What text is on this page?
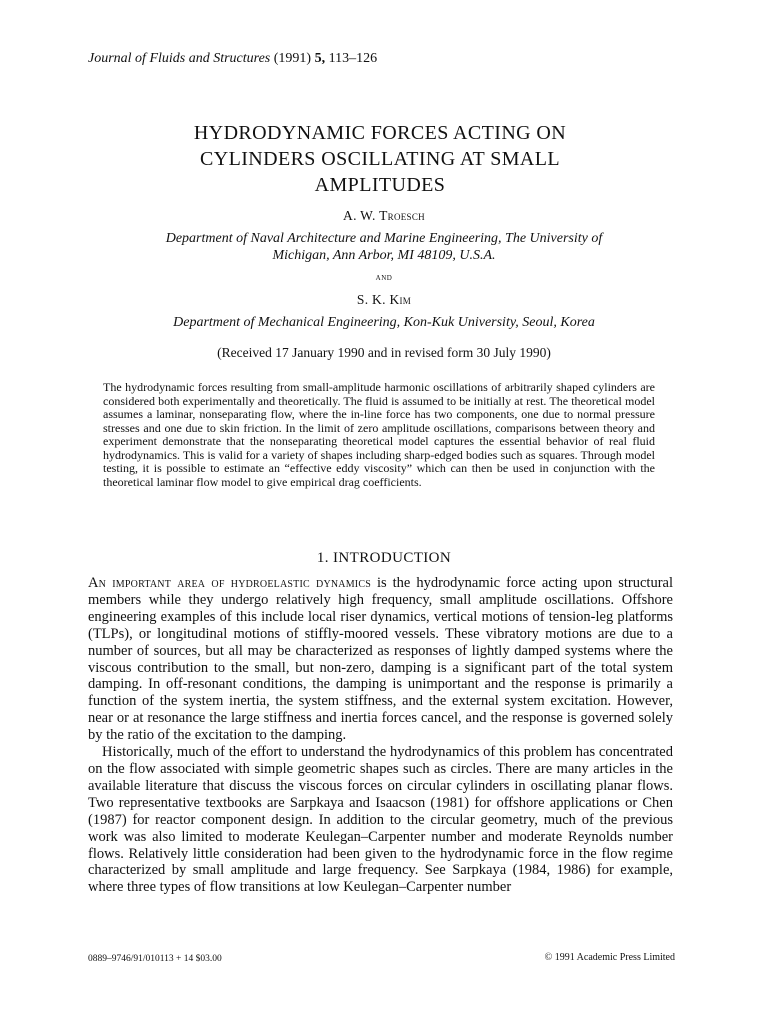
Journal of Fluids and Structures (1991) 5, 113–126
HYDRODYNAMIC FORCES ACTING ON
CYLINDERS OSCILLATING AT SMALL
AMPLITUDES
A. W. Troesch
Department of Naval Architecture and Marine Engineering, The University of
Michigan, Ann Arbor, MI 48109, U.S.A.
and
S. K. Kim
Department of Mechanical Engineering, Kon-Kuk University, Seoul, Korea
(Received 17 January 1990 and in revised form 30 July 1990)
The hydrodynamic forces resulting from small-amplitude harmonic oscillations of arbitrarily shaped cylinders are considered both experimentally and theoretically. The fluid is assumed to be initially at rest. The theoretical model assumes a laminar, nonseparating flow, where the in-line force has two components, one due to normal pressure stresses and one due to skin friction. In the limit of zero amplitude oscillations, comparisons between theory and experiment demonstrate that the nonseparating theoretical model captures the essential behavior of real fluid hydrodynamics. This is valid for a variety of shapes including sharp-edged bodies such as squares. Through model testing, it is possible to estimate an “effective eddy viscosity” which can then be used in conjunction with the theoretical laminar flow model to give empirical drag coefficients.
1. INTRODUCTION

An important area of hydroelastic dynamics is the hydrodynamic force acting upon structural members while they undergo relatively high frequency, small amplitude oscillations. Offshore engineering examples of this include local riser dynamics, vertical motions of tension-leg platforms (TLPs), or longitudinal motions of stiffly-moored vessels. These vibratory motions are due to a number of sources, but all may be characterized as responses of lightly damped systems where the viscous contribution to the small, but non-zero, damping is a significant part of the total system damping. In off-resonant conditions, the damping is unimportant and the response is primarily a function of the system inertia, the system stiffness, and the external system excitation. However, near or at resonance the large stiffness and inertia forces cancel, and the response is governed solely by the ratio of the excitation to the damping.

Historically, much of the effort to understand the hydrodynamics of this problem has concentrated on the flow associated with simple geometric shapes such as circles. There are many articles in the available literature that discuss the viscous forces on circular cylinders in oscillating planar flows. Two representative textbooks are Sarpkaya and Isaacson (1981) for offshore applications or Chen (1987) for reactor component design. In addition to the circular geometry, much of the previous work was also limited to moderate Keulegan–Carpenter number and moderate Reynolds number flows. Relatively little consideration had been given to the hydrodynamic force in the flow regime characterized by small amplitude and large frequency. See Sarpkaya (1984, 1986) for example, where three types of flow transitions at low Keulegan–Carpenter number

0889–9746/91/010113 + 14 $03.00	© 1991 Academic Press Limited
